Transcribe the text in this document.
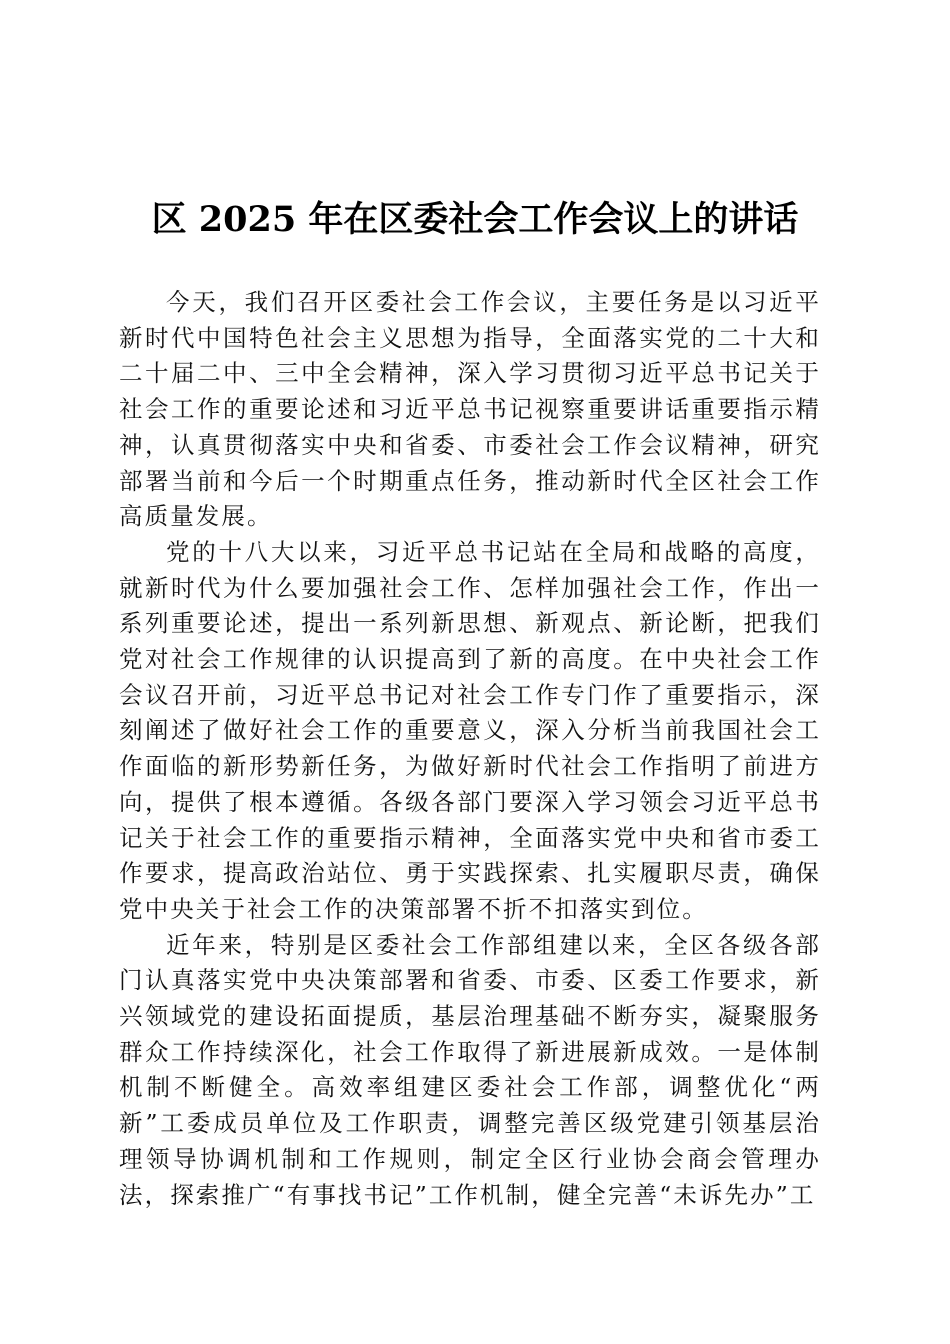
区 2025 年在区委社会工作会议上的讲话

今天，我们召开区委社会工作会议，主要任务是以习近平新时代中国特色社会主义思想为指导，全面落实党的二十大和二十届二中、三中全会精神，深入学习贯彻习近平总书记关于社会工作的重要论述和习近平总书记视察重要讲话重要指示精神，认真贯彻落实中央和省委、市委社会工作会议精神，研究部署当前和今后一个时期重点任务，推动新时代全区社会工作高质量发展。

党的十八大以来，习近平总书记站在全局和战略的高度，就新时代为什么要加强社会工作、怎样加强社会工作，作出一系列重要论述，提出一系列新思想、新观点、新论断，把我们党对社会工作规律的认识提高到了新的高度。在中央社会工作会议召开前，习近平总书记对社会工作专门作了重要指示，深刻阐述了做好社会工作的重要意义，深入分析当前我国社会工作面临的新形势新任务，为做好新时代社会工作指明了前进方向，提供了根本遵循。各级各部门要深入学习领会习近平总书记关于社会工作的重要指示精神，全面落实党中央和省市委工作要求，提高政治站位、勇于实践探索、扎实履职尽责，确保党中央关于社会工作的决策部署不折不扣落实到位。

近年来，特别是区委社会工作部组建以来，全区各级各部门认真落实党中央决策部署和省委、市委、区委工作要求，新兴领域党的建设拓面提质，基层治理基础不断夯实，凝聚服务群众工作持续深化，社会工作取得了新进展新成效。一是体制机制不断健全。高效率组建区委社会工作部，调整优化“两新”工委成员单位及工作职责，调整完善区级党建引领基层治理领导协调机制和工作规则，制定全区行业协会商会管理办法，探索推广“有事找书记”工作机制，健全完善“未诉先办”工
